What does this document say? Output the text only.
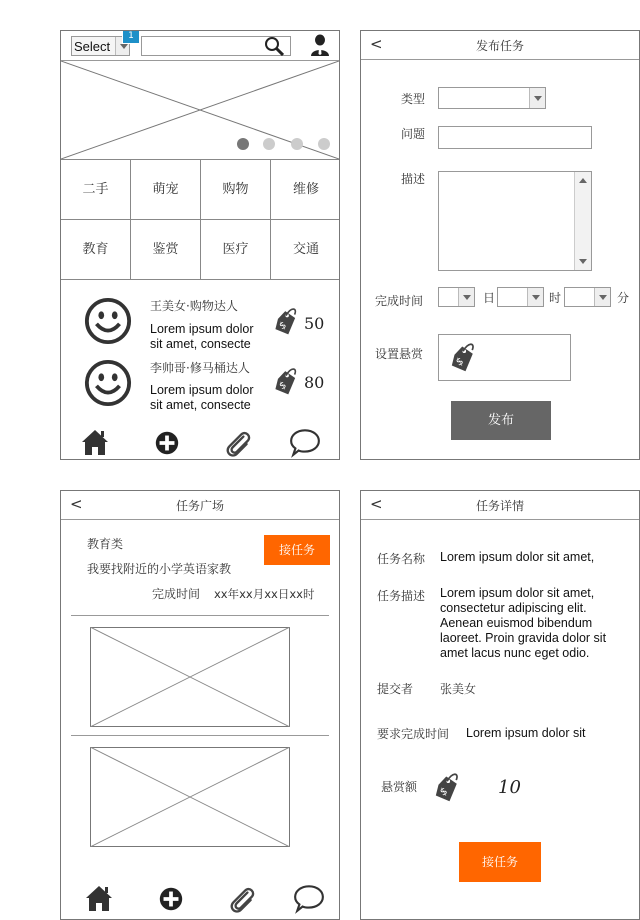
Select
1
二手	萌宠	购物	维修
教育	鉴赏	医疗	交通
王美女·购物达人
Lorem ipsum dolor
sit amet, consecte
50
李帅哥·修马桶达人
Lorem ipsum dolor
sit amet, consecte
80
<	发布任务
类型
问题
描述
完成时间	日	时	分
设置悬赏
发布
<	任务广场
教育类
我要找附近的小学英语家教
完成时间 xx年xx月xx日xx时
接任务
<	任务详情
任务名称 Lorem ipsum dolor sit amet,
任务描述 Lorem ipsum dolor sit amet,
consectetur adipiscing elit.
Aenean euismod bibendum
laoreet. Proin gravida dolor sit
amet lacus nunc eget odio.
提交者 张美女
要求完成时间 Lorem ipsum dolor sit
悬赏额	10
接任务
